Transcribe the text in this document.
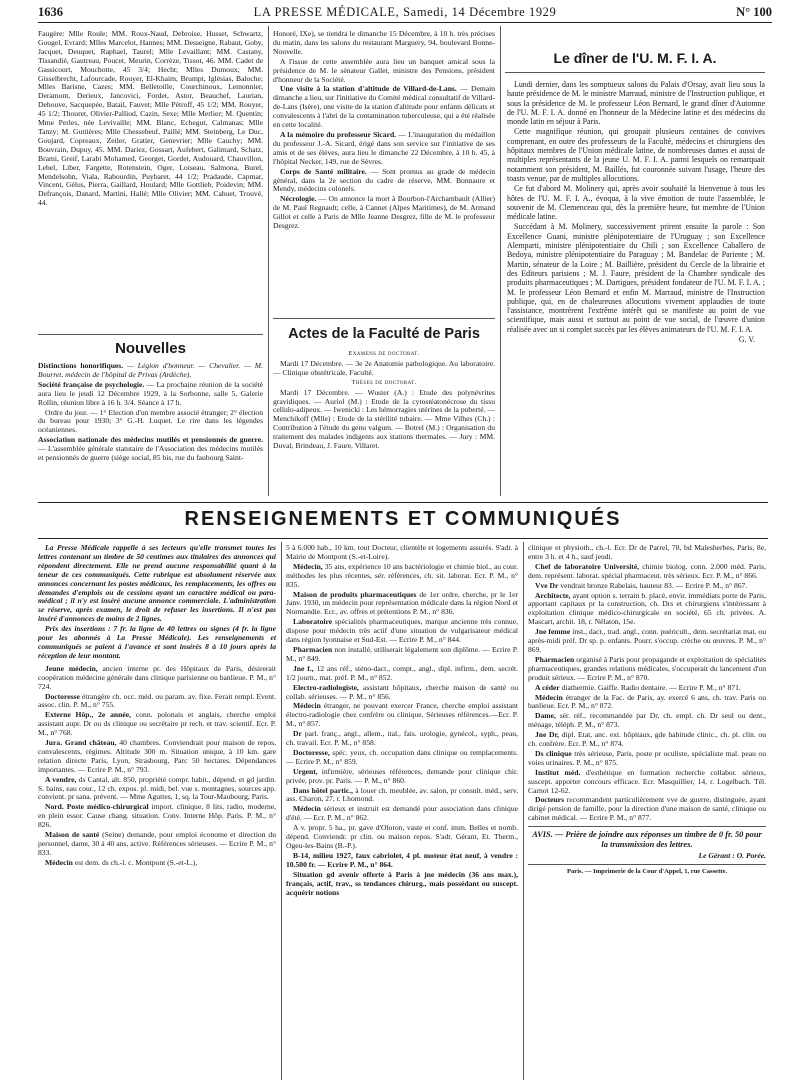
1636	LA PRESSE MÉDICALE, Samedi, 14 Décembre 1929	N° 100

Faugère: Mlle Roule; MM. Roux-Naud, Debroise, Husset, Schwartz, Gougel, Evrard; Mlles Marcelot, Hannes; MM. Desseigne, Rabaut, Goby, Jacquet, Deuquet, Raphael, Taurel; Mlle Levaillant; MM. Castany, Tissandié, Gautreau, Poucet, Meurin, Corrèze, Tissot, 46. MM. Cadet de Gassicourt, Mouchotte, 45 3/4; Hecht; Mlles Dumoux; MM. Gisselbrecht, Lafourcade, Rouyer, El-Khaim, Brumpt, Iglésias, Baloche; Mlles Barisne, Cazes; MM. Belletoille, Courchinoux, Lemonnier, Deramont, Derieux, Jancovici, Fordet, Astor, Beauchef, Laurian, Dehouve, Sacquepée, Batail, Fauvet; Mlle Pétroff, 45 1/2; MM. Rouyer, 45 1/2; Thouret, Olivier-Palliod, Cazin, Sexe; Mlle Merlier; M. Quentin; Mme Perles, née Levivaille; MM. Blanc, Echegut, Calmanas; Mlle Tanzy; M. Guttières; Mlle Chessebeuf, Paillé; MM. Steinberg, Le Duc, Goujard, Copreaux, Zeiler, Gratier, Genevrier; Mlle Cauchy; MM. Bouvrain, Dupuy, 45. MM. Dariez, Gossart, Aufebert, Galimard, Schatz, Brami, Greif, Larabi Mohamed, Georget, Gordet, Audouard, Chauvillon, Lebel, Liber, Fargette, Rotenstein, Oger, Loiseau, Salmona, Burel, Mendelsohn, Viala, Rabourdin, Puybaret, 44 1/2; Pradaude, Capmar, Vincent, Gélus, Pierra, Gaillard, Houlard; Mlle Gottlieb, Poidevin; MM. Defrançois, Danard, Martini, Hallé; Mlle Olivier; MM. Cahuet, Trouvé, 44.

Nouvelles

Distinctions honorifiques. — Légion d'honneur. — Chevalier. — M. Bourret, médecin de l'hôpital de Privas (Ardèche).

Société française de psychologie. — La prochaine réunion de la société aura lieu le jeudi 12 Décembre 1929, à la Sorbonne, salle 5, Galerie Rollin, réunion libre à 16 h. 3/4. Séance à 17 h.

Ordre du jour. — 1° Election d'un membre associé étranger; 2° élection du bureau pour 1930; 3° G.-H. Luquet. Le rire dans les légendes océaniennes.

Association nationale des médecins mutilés et pensionnés de guerre. — L'assemblée générale statutaire de l'Association des médecins mutilés et pensionnés de guerre (siège social, 85 bis, rue du faubourg Saint-

Honoré, IXe), se tiendra le dimanche 15 Décembre, à 10 h. très précises du matin, dans les salons du restaurant Marguery, 94, boulevard Bonne-Nouvelle.

A l'issue de cette assemblée aura lieu un banquet amical sous la présidence de M. le sénateur Gallet, ministre des Pensions, président d'honneur de la Société.

Une visite à la station d'altitude de Villard-de-Lans. — Demain dimanche a lieu, sur l'initiative du Comité médical consultatif de Villard-de-Lans (Isère), une visite de la station d'altitude pour enfants délicats et convalescents à l'abri de la contamination tuberculeuse, qui a été réalisée en cette localité.

A la mémoire du professeur Sicard. — L'inauguration du médaillon du professeur J.-A. Sicard, érigé dans son service sur l'initiative de ses amis et de ses élèves, aura lieu le dimanche 22 Décembre, à 10 h. 45, à l'hôpital Necker, 149, rue de Sèvres.

Corps de Santé militaire. — Sont promus au grade de médecin général, dans la 2e section du cadre de réserve, MM. Bonnaure et Mendy, médecins colonels.

Nécrologie. — On annonce la mort à Bourbon-l'Archambault (Allier) de M. Paul Regnault; celle, à Cannet (Alpes Maritimes), de M. Armand Gillot et celle à Paris de Mlle Jeanne Desgrez, fille de M. le professeur Desgrez.

Actes de la Faculté de Paris

Examens de doctorat.

Mardi 17 Décembre. — 3e 2e Anatomie pathologique. Au laboratoire. — Clinique obstétricale. Faculté.

Thèses de doctorat.

Mardi 17 Décembre. — Wuster (A.) : Etude des polynévrites gravidiques. — Auriol (M.) : Etude de la cytostéatonécrose du tissu cellulo-adipeux. — Iwenicki : Les hémorragies utérines de la puberté. — Menchikoff (Mlle) : Etude de la stérilité tubaire. — Mme Vilhes (Ch.) : Contribution à l'étude du genu valgum. — Botrel (M.) : Organisation du traitement des malades indigents aux stations thermales. — Jury : MM. Duval, Brindeau, J. Faure, Villaret.

Le dîner de l'U. M. F. I. A.

Lundi dernier, dans les somptueux salons du Palais d'Orsay, avait lieu sous la haute présidence de M. le ministre Marraud, ministre de l'Instruction publique, et sous la présidence de M. le professeur Léon Bernard, le grand dîner d'Automne de l'U. M. F. I. A. donné en l'honneur de la Médecine latine et des médecins du monde latin en séjour à Paris.

Cette magnifique réunion, qui groupait plusieurs centaines de convives comprenant, en outre des professeurs de la Faculté, médecins et chirurgiens des hôpitaux membres de l'Union médicale latine, de nombreuses dames et aussi de multiples représentants de la jeune U. M. F. I. A. parmi lesquels on remarquait notamment son président, M. Baillés, fut couronnée suivant l'usage, l'heure des toasts venue, par de multiples allocutions.

Ce fut d'abord M. Molinery qui, après avoir souhaité la bienvenue à tous les hôtes de l'U. M. F. I. A., évoqua, à la vive émotion de toute l'assemblée, le souvenir de M. Clemenceau qui, dès la première heure, fut membre de l'Union médicale latine.

Succédant à M. Molinery, successivement prirent ensuite la parole : Son Excellence Guani, ministre plénipotentiaire de l'Uruguay ; son Excellence Alemparti, ministre plénipotentiaire du Chili ; son Excellence Caballero de Bedoya, ministre plénipotentiaire du Paraguay ; M. Bandelac de Pariente ; M. Martin, sénateur de la Loire ; M. Baillière, président du Cercle de la librairie et des Editeurs parisiens ; M. J. Faure, président de la Chambre syndicale des produits pharmaceutiques ; M. Dartigues, président fondateur de l'U. M. F. I. A. ; M. le professeur Léon Bernard et enfin M. Marraud, ministre de l'Instruction publique, qui, en de chaleureuses allocutions vivement applaudies de toute l'assistance, montrèrent l'extrême intérêt qui se manifeste au point de vue scientifique, mais aussi et surtout au point de vue social, de l'œuvre d'union réalisée avec un si complet succès par les élèves animateurs de l'U. M. F. I. A.

G. V.

RENSEIGNEMENTS ET COMMUNIQUÉS

La Presse Médicale rappelle à ses lecteurs qu'elle transmet toutes les lettres contenant un timbre de 50 centimes aux titulaires des annonces qui répondent directement. Elle ne prend aucune responsabilité quant à la teneur de ces communiqués. Cette rubrique est absolument réservée aux annonces concernant les postes médicaux, les remplacements, les offres ou demandes d'emplois ou de cessions ayant un caractère médical ou para-médical ; il n'y est inséré aucune annonce commerciale. L'administration se réserve, après examen, le droit de refuser les insertions. Il n'est pas inséré d'annonces de moins de 2 lignes.

Prix des insertions : 7 fr. la ligne de 40 lettres ou signes (4 fr. la ligne pour les abonnés à La Presse Médicale). Les renseignements et communiqués se paient à l'avance et sont insérés 8 à 10 jours après la réception de leur montant.

Jeune médecin, ancien interne pr. des Hôpitaux de Paris, désirerait coopération médecine générale dans clinique parisienne ou banlieue. P. M., n° 724.

Doctoresse étrangère ch. occ. méd. ou param. av. fixe. Ferait rempl. Event. assoc. clin. P. M., n° 755.

Externe Hôp., 2e année, conn. polonais et anglais, cherche emploi assistant aupr. Dr ou ds clinique ou secrétaire pr rech. et trav. scientif. Ecr. P. M., n° 768.

Jura. Grand château, 40 chambres. Conviendrait pour maison de repos, convalescents, régimes. Altitude 300 m. Situation unique, à 10 km. gare relation directe Paris, Lyon, Strasbourg, Parc 50 hectares. Dépendances importantes. — Ecrire P. M., n° 793.

A vendre, ds Cantal, alt. 850, propriété compr. habit., dépend. et gd jardin. S. bains, eau cour., 12 ch. expos. pl. midi, bel. vue s. montagnes, sources app. convient. pr sana. prévent. — Mme Aguttes, 1, sq. la Tour-Maubourg, Paris.

Nord. Poste médico-chirurgical import. clinique, 8 lits, radio, moderne, en plein essor. Cause chang. situation. Conv. Interne Hôp. Paris. P. M., n° 826.

Maison de santé (Seine) demande, pour emploi économe et direction du personnel, dame, 30 à 40 ans, active. Références sérieuses. — Ecrire P. M., n° 833.

Médecin est dem. ds ch.-l. c. Montpont (S.-et-L.),

5 à 6.000 hab., 10 km. tout Docteur, clientèle et logements assurés. S'adr. à Mairie de Montpont (S.-et-Loire).

Médecin, 35 ans, expérience 10 ans bactériologie et chimie biol., au cour. méthodes les plus récentes, sér. références, ch. sit. laborat. Ecr. P. M., n° 835.

Maison de produits pharmaceutiques de 1er ordre, cherche, pr le 1er Janv. 1930, un médecin pour représentation médicale dans la région Nord et Normandie. Ecr., av. offres et prétentions P. M., n° 836.

Laboratoire spécialités pharmaceutiques, marque ancienne très connue, dispose pour médecin très actif d'une situation de vulgarisateur médical dans région lyonnaise et Sud-Est. — Ecrire P. M., n° 844.

Pharmacien non installé, utiliserait légalement son diplôme. — Ecrire P. M., n° 849.

Jne f., 12 ans réf., sténo-dact., compt., angl., dipl. infirm., dem. secrét. 1/2 journ., mat. préf. P. M., n° 852.

Electro-radiologiste, assistant hôpitaux, cherche maison de santé ou collab. sérieuses. — P. M., n° 856.

Médecin étranger, ne pouvant exercer France, cherche emploi assistant électro-radiologie chez confrère ou clinique. Sérieuses références.—Ecr. P. M., n° 857.

Dr parl. franç., angl., allem., ital., fais. urologie, gynécol., syph., peau, ch. travail. Ecr. P. M., n° 858.

Doctoresse, spéc. yeux, ch. occupation dans clinique ou remplacements. — Ecrire P. M., n° 859.

Urgent, infirmière, sérieuses références, demande pour clinique chir. privée, prov. pr. Paris. — P. M., n° 860.

Dans hôtel partic., à louer ch. meublée, av. salon, pr consult. méd., serv. ass. Charon, 27, r. Lhomond.

Médecin sérieux et instruit est demandé pour association dans clinique d'été. — Ecr. P. M., n° 862.

A v. propr. 5 ha., pr. gave d'Oloron, vaste et conf. imm. Belles et nomb. dépend. Conviendr. pr clin. ou maison repos. S'adr. Gérant, Et. Therm., Ogeu-les-Bains (B.-P.).

B-14, milieu 1927, faux cabriolet, 4 pl. moteur état neuf, à vendre : 10.500 fr. — Ecrire P. M., n° 864.

Situation gd avenir offerte à Paris à jne médecin (36 ans max.), français, actif, trav., ss tendances chirurg., mais possédant ou suscept. acquérir notions

clinique et physioth., ch.-l. Ecr. Dr de Parrel, 78, bd Malesherbes, Paris, 8e, entre 3 h. et 4 h., sauf jeudi.

Chef de laboratoire Université, chimie biolog. conn. 2.000 méd. Paris, dem. représent. laborat. spécial pharmaceut. très sérieux. Ecr. P. M., n° 866.

Vve Dr vendrait bronze Rabelais, hauteur 83. — Ecrire P. M., n° 867.

Architecte, ayant option s. terrain b. placé, envir. immédiats porte de Paris, apportant capitaux pr la construction, ch. Drs et chirurgiens s'intéressant à exploitation clinique médico-chirurgicale en société, 65 ch. privées. A. Mascart, archit. 18, r. Nélaton, 15e.

Jne femme inst., dact., trad. angl., conn. puéricult., dem. secrétariat mat. ou après-midi préf. Dr sp. p. enfants. Pourr. s'occup. crèche ou œuvres. P. M., n° 869.

Pharmacien organisé à Paris pour propagande et exploitation de spécialités pharmaceutiques, grandes relations médicales, s'occuperait du lancement d'un produit sérieux. — Ecrire P. M., n° 870.

A céder diathermie. Gaiffe. Radio dentaire. — Ecrire P. M., n° 871.

Médecin étranger de la Fac. de Paris, ay. exercé 6 ans, ch. trav. Paris ou banlieue. Ecr. P. M., n° 872.

Dame, sér. réf., recommandée par Dr, ch. empl. ch. Dr seul ou dent., ménage, téléph. P. M., n° 873.

Jne Dr, dipl. Etat, anc. ext. hôpitaux, gde habitude clinic., ch. pl. clin. ou ch. confrère. Ecr. P. M., n° 874.

Ds clinique très sérieuse, Paris, poste pr oculiste, spécialiste mal. peau ou voies urinaires. P. M., n° 875.

Institut méd. d'esthétique en formation recherche collabor. sérieux, suscept. apporter concours efficace. Ecr. Masquillier, 14, r. Logelbach. Tél. Carnot 12-62.

Docteurs recommandent particulièrement vve de guerre, distinguée, ayant dirigé pension de famille, pour la direction d'une maison de santé, clinique ou cabinet médical. — Ecrire P. M., n° 877.

AVIS. — Prière de joindre aux réponses un timbre de 0 fr. 50 pour la transmission des lettres.

Le Gérant : O. Porée.

Paris. — Imprimerie de la Cour d'Appel, 1, rue Cassette.
